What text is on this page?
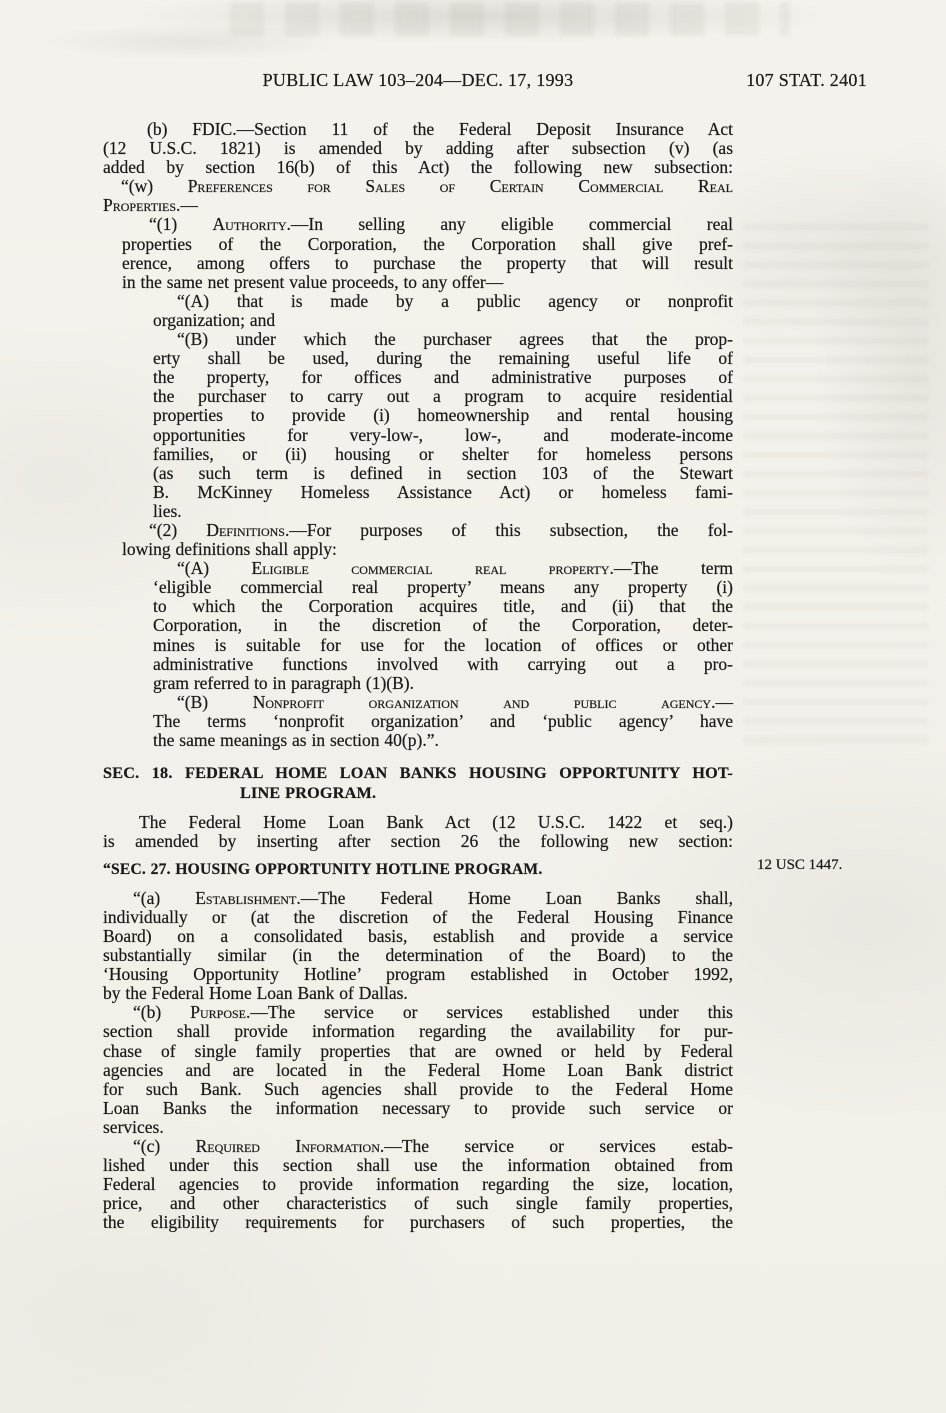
PUBLIC LAW 103–204—DEC. 17, 1993	107 STAT. 2401
(b) FDIC.—Section 11 of the Federal Deposit Insurance Act
(12 U.S.C. 1821) is amended by adding after subsection (v) (as
added by section 16(b) of this Act) the following new subsection:
“(w) Preferences for Sales of Certain Commercial Real
Properties.—
“(1) Authority.—In selling any eligible commercial real
properties of the Corporation, the Corporation shall give pref-
erence, among offers to purchase the property that will result
in the same net present value proceeds, to any offer—
“(A) that is made by a public agency or nonprofit
organization; and
“(B) under which the purchaser agrees that the prop-
erty shall be used, during the remaining useful life of
the property, for offices and administrative purposes of
the purchaser to carry out a program to acquire residential
properties to provide (i) homeownership and rental housing
opportunities for very-low-, low-, and moderate-income
families, or (ii) housing or shelter for homeless persons
(as such term is defined in section 103 of the Stewart
B. McKinney Homeless Assistance Act) or homeless fami-
lies.
“(2) Definitions.—For purposes of this subsection, the fol-
lowing definitions shall apply:
“(A) Eligible commercial real property.—The term
‘eligible commercial real property’ means any property (i)
to which the Corporation acquires title, and (ii) that the
Corporation, in the discretion of the Corporation, deter-
mines is suitable for use for the location of offices or other
administrative functions involved with carrying out a pro-
gram referred to in paragraph (1)(B).
“(B) Nonprofit organization and public agency.—
The terms ‘nonprofit organization’ and ‘public agency’ have
the same meanings as in section 40(p).”.
SEC. 18. FEDERAL HOME LOAN BANKS HOUSING OPPORTUNITY HOT-
LINE PROGRAM.
The Federal Home Loan Bank Act (12 U.S.C. 1422 et seq.)
is amended by inserting after section 26 the following new section:
“SEC. 27. HOUSING OPPORTUNITY HOTLINE PROGRAM.
“(a) Establishment.—The Federal Home Loan Banks shall,
individually or (at the discretion of the Federal Housing Finance
Board) on a consolidated basis, establish and provide a service
substantially similar (in the determination of the Board) to the
‘Housing Opportunity Hotline’ program established in October 1992,
by the Federal Home Loan Bank of Dallas.
“(b) Purpose.—The service or services established under this
section shall provide information regarding the availability for pur-
chase of single family properties that are owned or held by Federal
agencies and are located in the Federal Home Loan Bank district
for such Bank. Such agencies shall provide to the Federal Home
Loan Banks the information necessary to provide such service or
services.
“(c) Required Information.—The service or services estab-
lished under this section shall use the information obtained from
Federal agencies to provide information regarding the size, location,
price, and other characteristics of such single family properties,
the eligibility requirements for purchasers of such properties, the
12 USC 1447.
